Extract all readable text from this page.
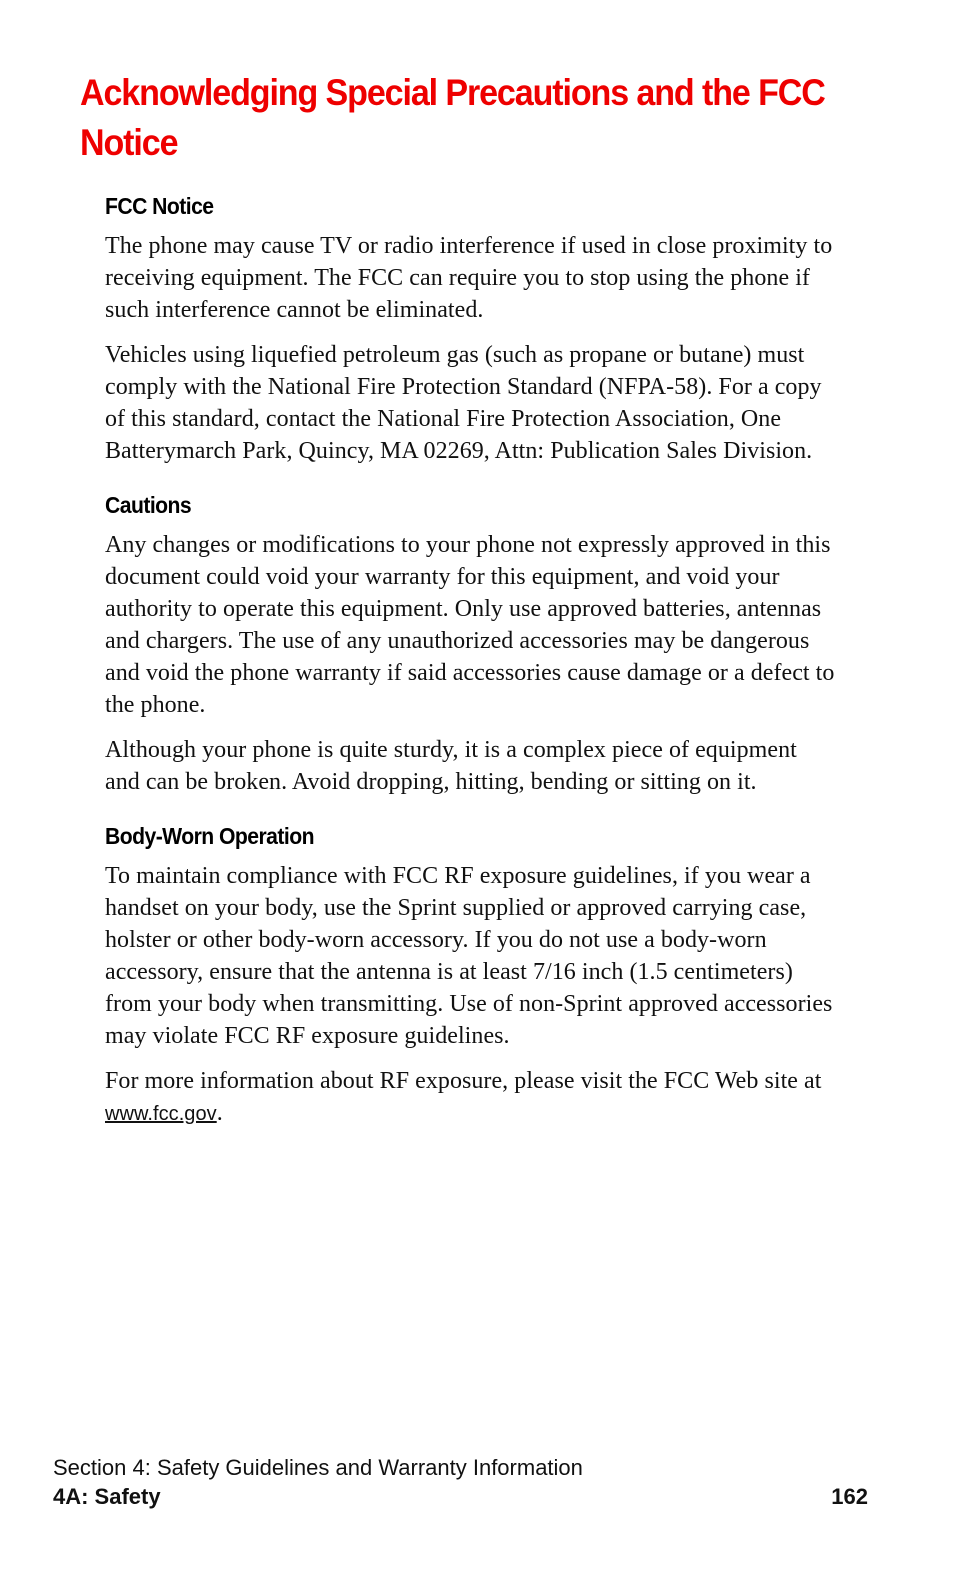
Acknowledging Special Precautions and the FCC Notice
FCC Notice

The phone may cause TV or radio interference if used in close proximity to receiving equipment. The FCC can require you to stop using the phone if such interference cannot be eliminated.

Vehicles using liquefied petroleum gas (such as propane or butane) must comply with the National Fire Protection Standard (NFPA-58). For a copy of this standard, contact the National Fire Protection Association, One Batterymarch Park, Quincy, MA 02269, Attn: Publication Sales Division.

Cautions

Any changes or modifications to your phone not expressly approved in this document could void your warranty for this equipment, and void your authority to operate this equipment. Only use approved batteries, antennas and chargers. The use of any unauthorized accessories may be dangerous and void the phone warranty if said accessories cause damage or a defect to the phone.

Although your phone is quite sturdy, it is a complex piece of equipment and can be broken. Avoid dropping, hitting, bending or sitting on it.

Body-Worn Operation

To maintain compliance with FCC RF exposure guidelines, if you wear a handset on your body, use the Sprint supplied or approved carrying case, holster or other body-worn accessory. If you do not use a body-worn accessory, ensure that the antenna is at least 7/16 inch (1.5 centimeters) from your body when transmitting. Use of non-Sprint approved accessories may violate FCC RF exposure guidelines.

For more information about RF exposure, please visit the FCC Web site at www.fcc.gov.

Section 4: Safety Guidelines and Warranty Information
4A: Safety	162
